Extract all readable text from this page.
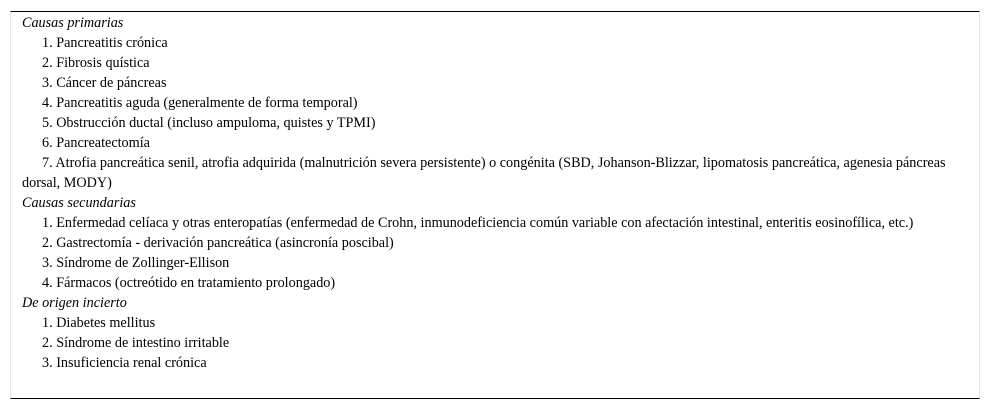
Causas primarias
1. Pancreatitis crónica
2. Fibrosis quística
3. Cáncer de páncreas
4. Pancreatitis aguda (generalmente de forma temporal)
5. Obstrucción ductal (incluso ampuloma, quistes y TPMI)
6. Pancreatectomía
7. Atrofia pancreática senil, atrofia adquirida (malnutrición severa persistente) o congénita (SBD, Johanson-Blizzar, lipomatosis pancreática, agenesia páncreas dorsal, MODY)
Causas secundarias
1. Enfermedad celíaca y otras enteropatías (enfermedad de Crohn, inmunodeficiencia común variable con afectación intestinal, enteritis eosinofílica, etc.)
2. Gastrectomía - derivación pancreática (asincronía poscibal)
3. Síndrome de Zollinger-Ellison
4. Fármacos (octreótido en tratamiento prolongado)
De origen incierto
1. Diabetes mellitus
2. Síndrome de intestino irritable
3. Insuficiencia renal crónica
